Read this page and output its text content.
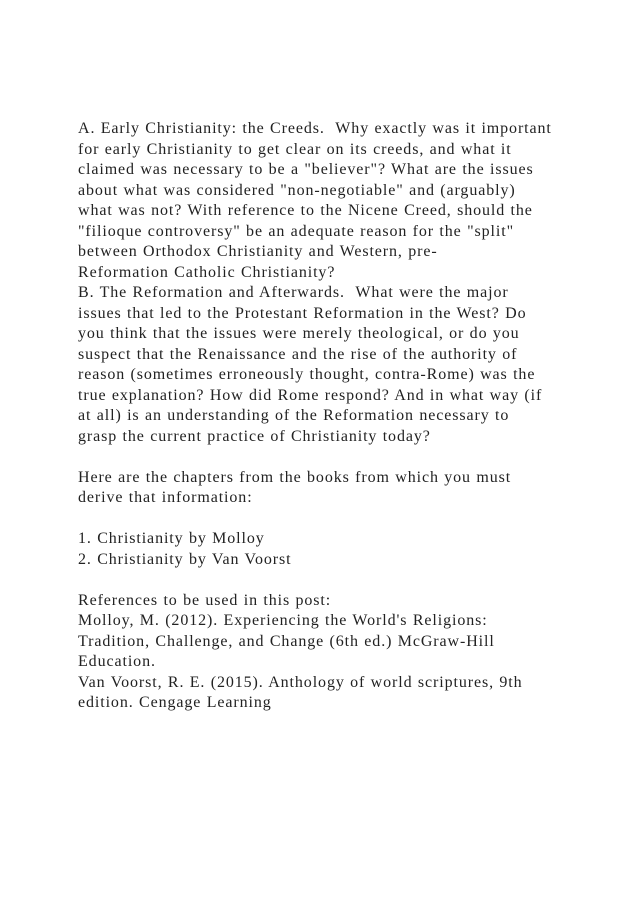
A. Early Christianity: the Creeds.  Why exactly was it important
for early Christianity to get clear on its creeds, and what it
claimed was necessary to be a "believer"? What are the issues
about what was considered "non-negotiable" and (arguably)
what was not? With reference to the Nicene Creed, should the
"filioque controversy" be an adequate reason for the "split"
between Orthodox Christianity and Western, pre-
Reformation Catholic Christianity?
B. The Reformation and Afterwards.  What were the major
issues that led to the Protestant Reformation in the West? Do
you think that the issues were merely theological, or do you
suspect that the Renaissance and the rise of the authority of
reason (sometimes erroneously thought, contra-Rome) was the
true explanation? How did Rome respond? And in what way (if
at all) is an understanding of the Reformation necessary to
grasp the current practice of Christianity today?
Here are the chapters from the books from which you must
derive that information:
1. Christianity by Molloy
2. Christianity by Van Voorst
References to be used in this post:
Molloy, M. (2012). Experiencing the World's Religions:
Tradition, Challenge, and Change (6th ed.) McGraw-Hill
Education.
Van Voorst, R. E. (2015). Anthology of world scriptures, 9th
edition. Cengage Learning
